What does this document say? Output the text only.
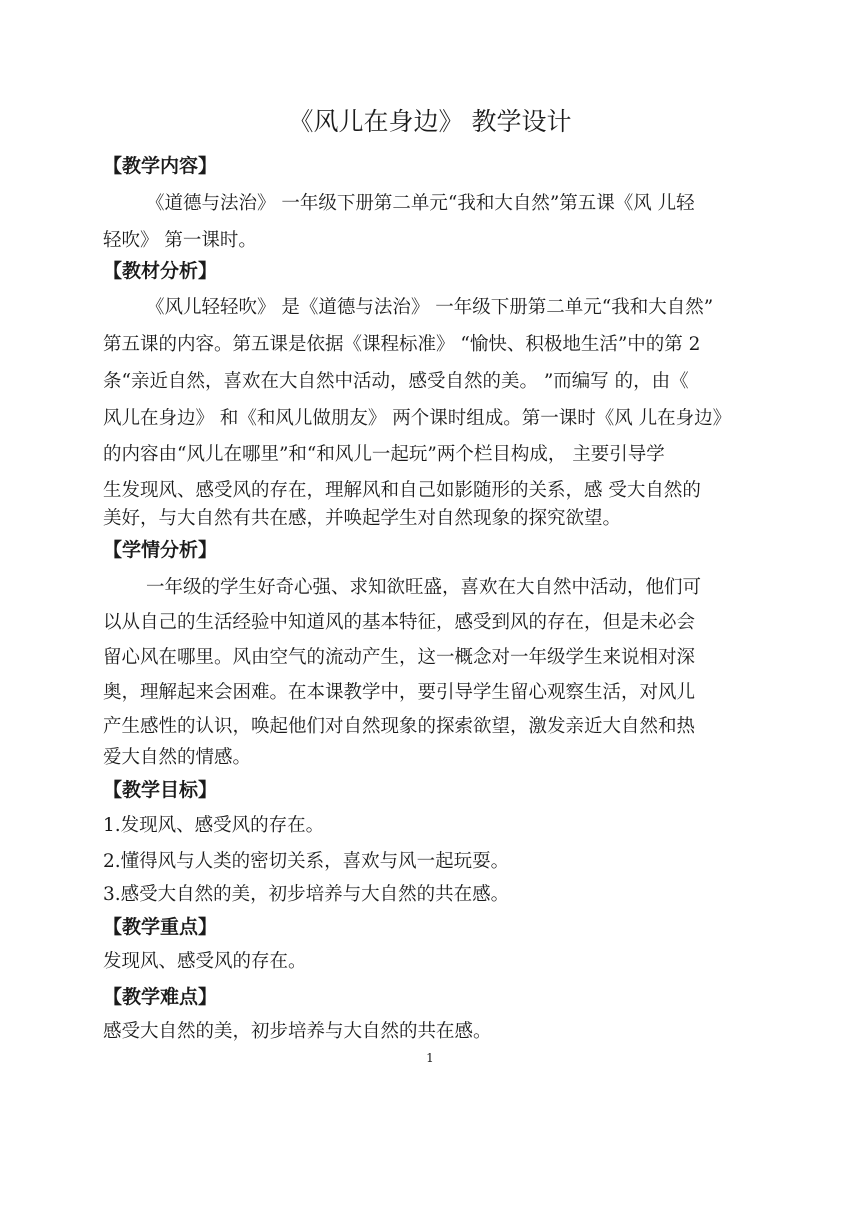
《风儿在身边》 教学设计
【教学内容】
《道德与法治》 一年级下册第二单元“我和大自然”第五课《风 儿轻
轻吹》 第一课时。
【教材分析】
《风儿轻轻吹》 是《道德与法治》 一年级下册第二单元“我和大自然”
第五课的内容。第五课是依据《课程标准》 “愉快、积极地生活”中的第 2
条“亲近自然，喜欢在大自然中活动，感受自然的美。 ”而编写 的，由《
风儿在身边》 和《和风儿做朋友》 两个课时组成。第一课时《风 儿在身边》
的内容由“风儿在哪里”和“和风儿一起玩”两个栏目构成， 主要引导学
生发现风、感受风的存在，理解风和自己如影随形的关系，感 受大自然的
美好，与大自然有共在感，并唤起学生对自然现象的探究欲望。
【学情分析】
一年级的学生好奇心强、求知欲旺盛，喜欢在大自然中活动，他们可
以从自己的生活经验中知道风的基本特征，感受到风的存在，但是未必会
留心风在哪里。风由空气的流动产生，这一概念对一年级学生来说相对深
奥，理解起来会困难。在本课教学中，要引导学生留心观察生活，对风儿
产生感性的认识，唤起他们对自然现象的探索欲望，激发亲近大自然和热
爱大自然的情感。
【教学目标】
1.发现风、感受风的存在。
2.懂得风与人类的密切关系，喜欢与风一起玩耍。
3.感受大自然的美，初步培养与大自然的共在感。
【教学重点】
发现风、感受风的存在。
【教学难点】
感受大自然的美，初步培养与大自然的共在感。
1
